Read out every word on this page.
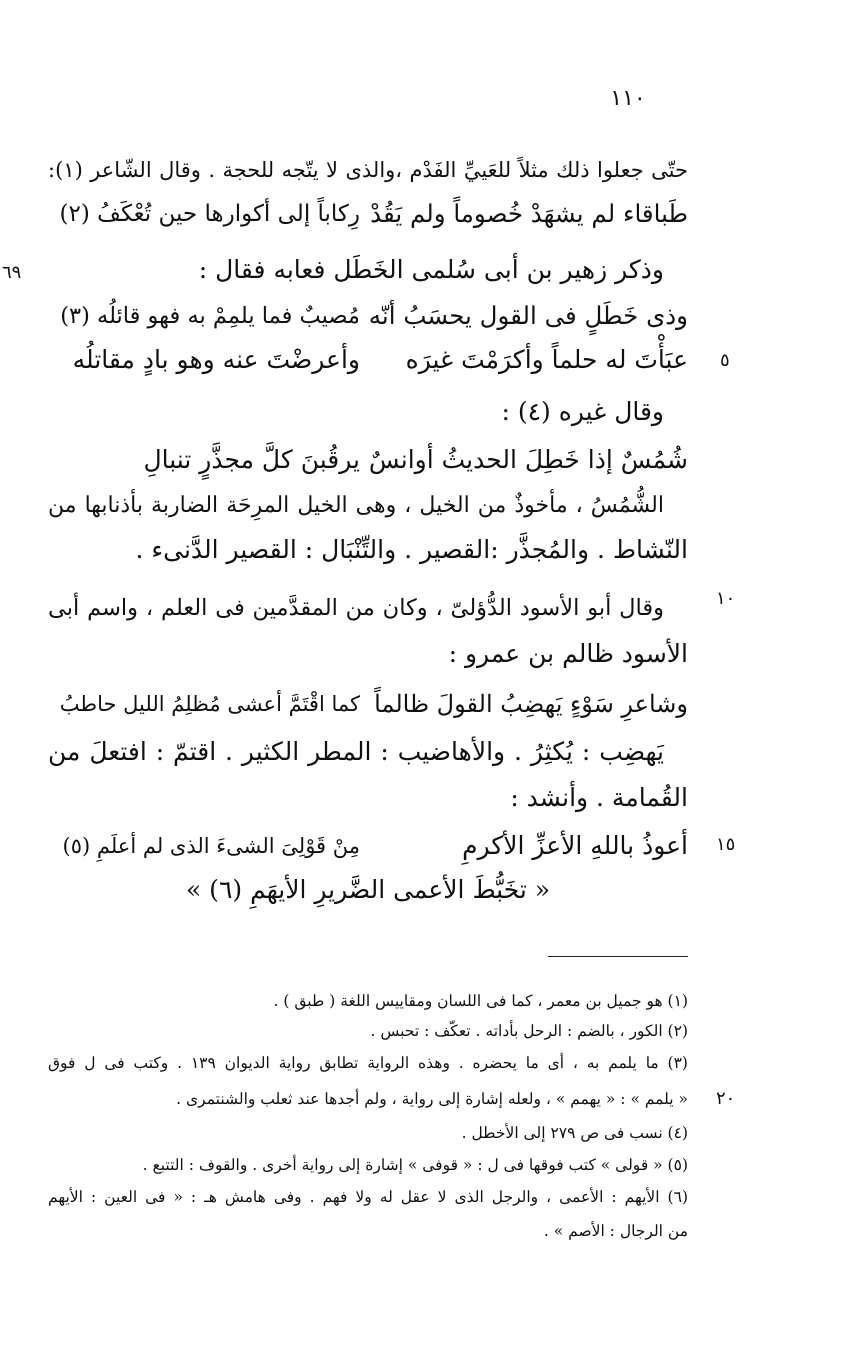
١١٠
٦٩
٥
١٠
١٥
٢٠
حتّى جعلوا ذلك مثلاً للعَييِّ الفَدْم ،والذى لا يتّجه للحجة . وقال الشّاعر (١):
طَباقاء لم يشهَدْ خُصوماً ولم يَقُدْ
رِكاباً إلى أكوارها حين تُعْكَفُ (٢)
وذكر زهير بن أبى سُلمى الخَطَل فعابه فقال :
وذى خَطَلٍ فى القول يحسَبُ أنّه
مُصيبٌ فما يلمِمْ به فهو قائلُه (٣)
عبَأْتَ له حلماً وأكرَمْتَ غيرَه
وأعرضْتَ عنه وهو بادٍ مقاتلُه
وقال غيره (٤) :
شُمُسٌ إذا خَطِلَ الحديثُ أوانسٌ
يرقُبنَ كلَّ مجذَّرٍ تنبالِ
الشُّمُسُ ، مأخوذٌ من الخيل ، وهى الخيل المرِحَة الضاربة بأذنابها من
النّشاط . والمُجذَّر :القصير . والتِّنْبَال : القصير الدَّنىء .
وقال أبو الأسود الدُّؤلىّ ، وكان من المقدَّمين فى العلم ، واسم أبى
الأسود ظالم بن عمرو :
وشاعرِ سَوْءٍ يَهضِبُ القولَ ظالماً
كما اقْتَمَّ أعشى مُظلِمُ الليل حاطبُ
يَهضِب : يُكثِرُ . والأهاضيب : المطر الكثير . اقتمّ : افتعلَ من
القُمامة . وأنشد :
أعوذُ باللهِ الأعزِّ الأكرمِ
مِنْ قَوْلِىَ الشىءَ الذى لم أعلَمِ (٥)
« تخَبُّطَ الأعمى الضَّريرِ الأيهَمِ (٦) »
(١) هو جميل بن معمر ، كما فى اللسان ومقاييس اللغة ( طبق ) .
(٢) الكور ، بالضم : الرحل بأداته . تعكّف : تحبس .
(٣) ما يلمم به ، أى ما يحضره . وهذه الرواية تطابق رواية الديوان ١٣٩ . وكتب فى ل فوق
« يلمم » : « يهمم » ، ولعله إشارة إلى رواية ، ولم أجدها عند ثعلب والشنتمرى .
(٤) نسب فى ص ٢٧٩ إلى الأخطل .
(٥) « قولى » كتب فوقها فى ل : « قوفى » إشارة إلى رواية أخرى . والقوف : التتبع .
(٦) الأيهم : الأعمى ، والرجل الذى لا عقل له ولا فهم . وفى هامش هـ : « فى العين : الأيهم
من الرجال : الأصم » .
